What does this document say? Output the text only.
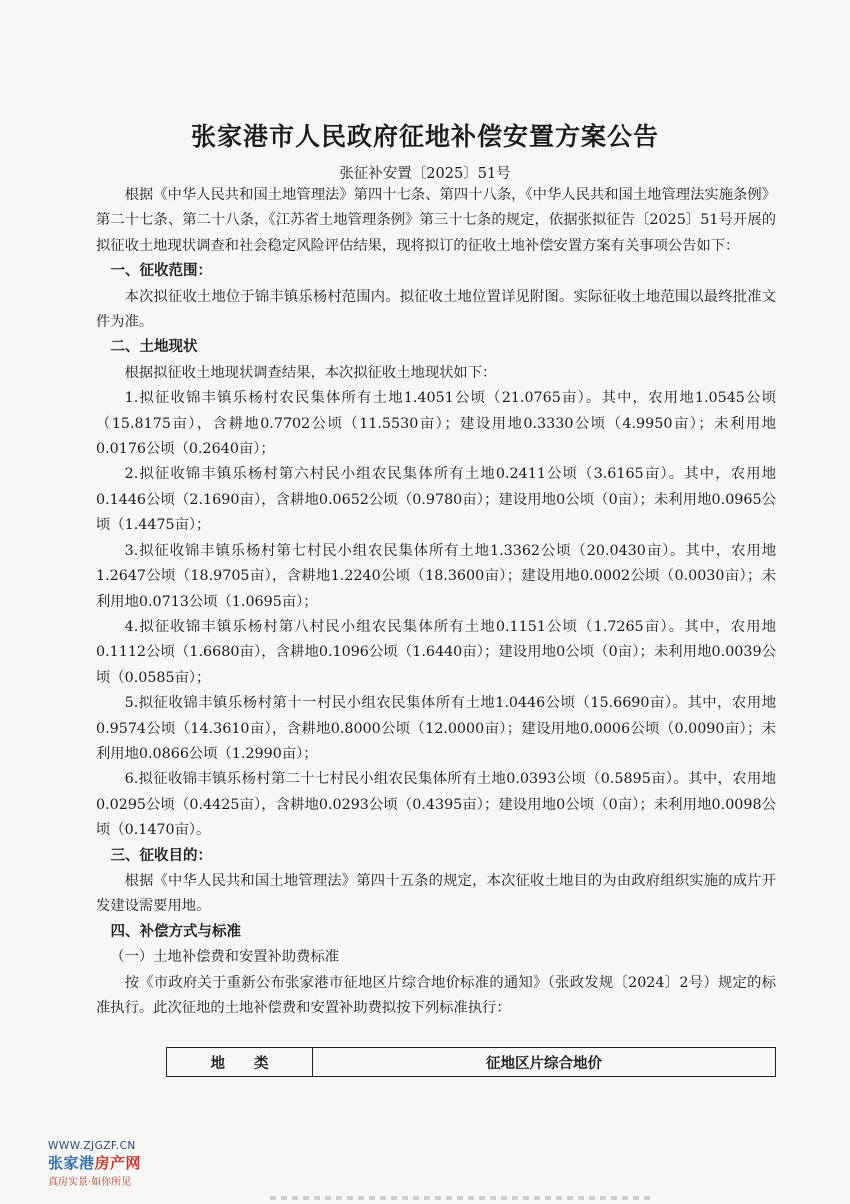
张家港市人民政府征地补偿安置方案公告
张征补安置〔2025〕51号

根据《中华人民共和国土地管理法》第四十七条、第四十八条，《中华人民共和国土地管理法实施条例》第二十七条、第二十八条，《江苏省土地管理条例》第三十七条的规定，依据张拟征告〔2025〕51号开展的拟征收土地现状调查和社会稳定风险评估结果，现将拟订的征收土地补偿安置方案有关事项公告如下：

一、征收范围：

本次拟征收土地位于锦丰镇乐杨村范围内。拟征收土地位置详见附图。实际征收土地范围以最终批准文件为准。

二、土地现状

根据拟征收土地现状调查结果，本次拟征收土地现状如下：

1.拟征收锦丰镇乐杨村农民集体所有土地1.4051公顷（21.0765亩）。其中，农用地1.0545公顷（15.8175亩），含耕地0.7702公顷（11.5530亩）；建设用地0.3330公顷（4.9950亩）；未利用地0.0176公顷（0.2640亩）；

2.拟征收锦丰镇乐杨村第六村民小组农民集体所有土地0.2411公顷（3.6165亩）。其中，农用地0.1446公顷（2.1690亩），含耕地0.0652公顷（0.9780亩）；建设用地0公顷（0亩）；未利用地0.0965公顷（1.4475亩）；

3.拟征收锦丰镇乐杨村第七村民小组农民集体所有土地1.3362公顷（20.0430亩）。其中，农用地1.2647公顷（18.9705亩），含耕地1.2240公顷（18.3600亩）；建设用地0.0002公顷（0.0030亩）；未利用地0.0713公顷（1.0695亩）；

4.拟征收锦丰镇乐杨村第八村民小组农民集体所有土地0.1151公顷（1.7265亩）。其中，农用地0.1112公顷（1.6680亩），含耕地0.1096公顷（1.6440亩）；建设用地0公顷（0亩）；未利用地0.0039公顷（0.0585亩）；

5.拟征收锦丰镇乐杨村第十一村民小组农民集体所有土地1.0446公顷（15.6690亩）。其中，农用地0.9574公顷（14.3610亩），含耕地0.8000公顷（12.0000亩）；建设用地0.0006公顷（0.0090亩）；未利用地0.0866公顷（1.2990亩）；

6.拟征收锦丰镇乐杨村第二十七村民小组农民集体所有土地0.0393公顷（0.5895亩）。其中，农用地0.0295公顷（0.4425亩），含耕地0.0293公顷（0.4395亩）；建设用地0公顷（0亩）；未利用地0.0098公顷（0.1470亩）。

三、征收目的：

根据《中华人民共和国土地管理法》第四十五条的规定，本次征收土地目的为由政府组织实施的成片开发建设需要用地。

四、补偿方式与标准

（一）土地补偿费和安置补助费标准

按《市政府关于重新公布张家港市征地区片综合地价标准的通知》（张政发规〔2024〕2号）规定的标准执行。此次征地的土地补偿费和安置补助费拟按下列标准执行：

地　　类	征地区片综合地价
WWW.ZJGZF.CN
张家港房产网
真房实景·如你所见
